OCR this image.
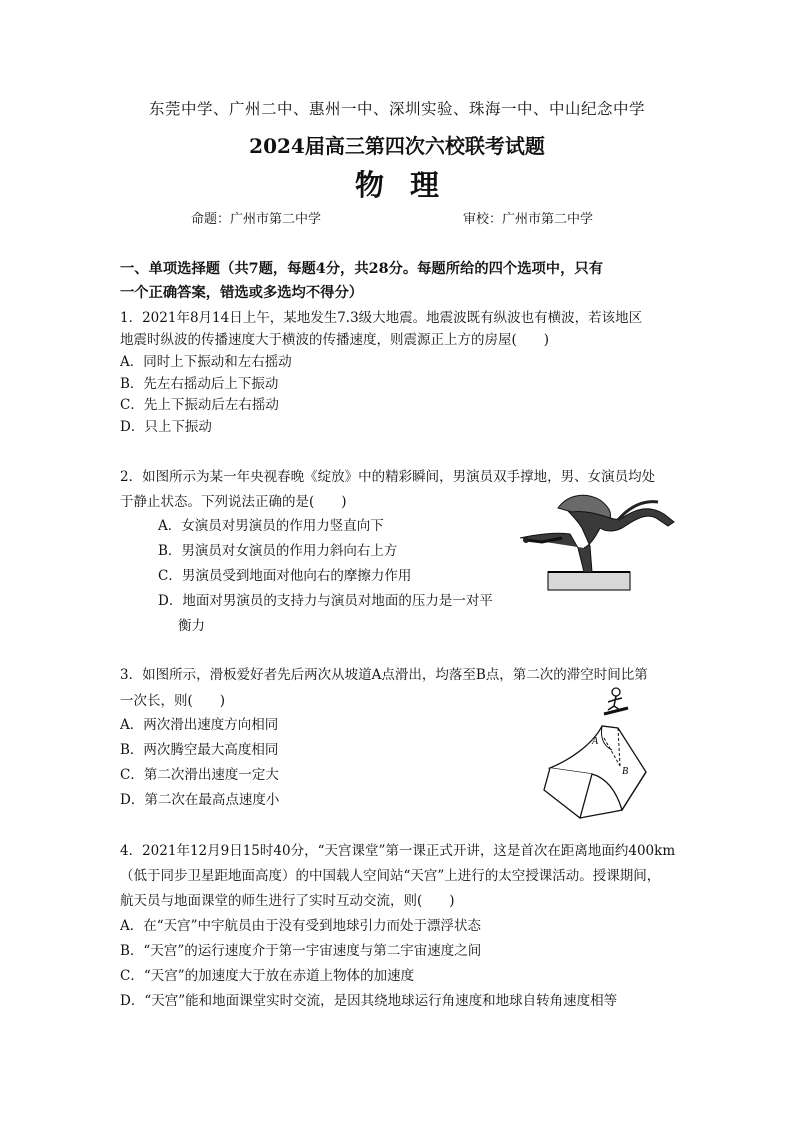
东莞中学、广州二中、惠州一中、深圳实验、珠海一中、中山纪念中学
2024届高三第四次六校联考试题
物理
命题：广州市第二中学	审校：广州市第二中学
一、单项选择题（共7题，每题4分，共28分。每题所给的四个选项中，只有
一个正确答案，错选或多选均不得分）
1．2021年8月14日上午，某地发生7.3级大地震。地震波既有纵波也有横波，若该地区
地震时纵波的传播速度大于横波的传播速度，则震源正上方的房屋(　　)
A．同时上下振动和左右摇动
B．先左右摇动后上下振动
C．先上下振动后左右摇动
D．只上下振动
2．如图所示为某一年央视春晚《绽放》中的精彩瞬间，男演员双手撑地，男、女演员均处
于静止状态。下列说法正确的是(　　)
A．女演员对男演员的作用力竖直向下
B．男演员对女演员的作用力斜向右上方
C．男演员受到地面对他向右的摩擦力作用
D．地面对男演员的支持力与演员对地面的压力是一对平
衡力
3．如图所示，滑板爱好者先后两次从坡道A点滑出，均落至B点，第二次的滞空时间比第
一次长，则(　　)
A．两次滑出速度方向相同
B．两次腾空最大高度相同
C．第二次滑出速度一定大
D．第二次在最高点速度小
A
B
4．2021年12月9日15时40分，“天宫课堂”第一课正式开讲，这是首次在距离地面约400km
（低于同步卫星距地面高度）的中国载人空间站“天宫”上进行的太空授课活动。授课期间，
航天员与地面课堂的师生进行了实时互动交流，则(　　)
A．在“天宫”中宇航员由于没有受到地球引力而处于漂浮状态
B．“天宫”的运行速度介于第一宇宙速度与第二宇宙速度之间
C．“天宫”的加速度大于放在赤道上物体的加速度
D．“天宫”能和地面课堂实时交流，是因其绕地球运行角速度和地球自转角速度相等
